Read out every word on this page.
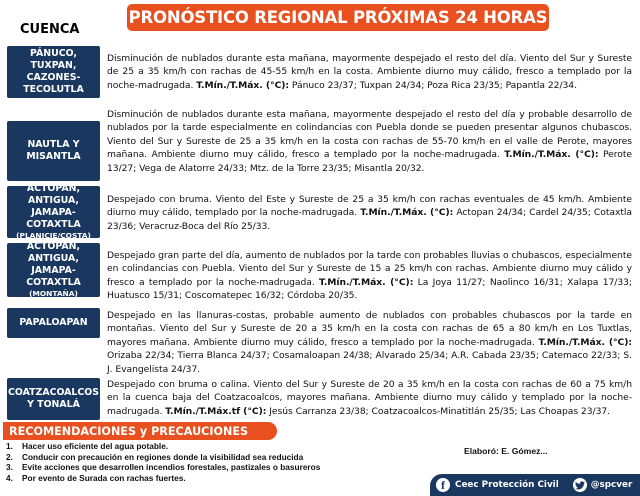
PRONÓSTICO REGIONAL PRÓXIMAS 24 HORAS
CUENCA
PÁNUCO, TUXPAN,
CAZONES-
TECOLUTLA
Disminución de nublados durante esta mañana, mayormente despejado el resto del día. Viento del Sur y Sureste de 25 a 35 km/h con rachas de 45-55 km/h en la costa. Ambiente diurno muy cálido, fresco a templado por la noche-madrugada. T.Mín./T.Máx. (°C): Pánuco 23/37; Tuxpan 24/34; Poza Rica 23/35; Papantla 22/34.
NAUTLA Y
MISANTLA
Disminución de nublados durante esta mañana, mayormente despejado el resto del día y probable desarrollo de nublados por la tarde especialmente en colindancias con Puebla donde se pueden presentar algunos chubascos. Viento del Sur y Sureste de 25 a 35 km/h en la costa con rachas de 55-70 km/h en el valle de Perote, mayores mañana. Ambiente diurno muy cálido, fresco a templado por la noche-madrugada. T.Mín./T.Máx. (°C): Perote 13/27; Vega de Alatorre 24/33; Mtz. de la Torre 23/35; Misantla 20/32.
ACTOPAN,
ANTIGUA, JAMAPA-
COTAXTLA
(PLANICIE/COSTA)
Despejado con bruma. Viento del Este y Sureste de 25 a 35 km/h con rachas eventuales de 45 km/h. Ambiente diurno muy cálido, templado por la noche-madrugada. T.Mín./T.Máx. (°C): Actopan 24/34; Cardel 24/35; Cotaxtla 23/36; Veracruz-Boca del Río 25/33.
ACTOPAN,
ANTIGUA, JAMAPA-
COTAXTLA
(MONTAÑA)
Despejado gran parte del día, aumento de nublados por la tarde con probables lluvias o chubascos, especialmente en colindancias con Puebla. Viento del Sur y Sureste de 15 a 25 km/h con rachas. Ambiente diurno muy cálido y fresco a templado por la noche-madrugada. T.Mín./T.Máx. (°C): La Joya 11/27; Naolinco 16/31; Xalapa 17/33; Huatusco 15/31; Coscomatepec 16/32; Córdoba 20/35.
PAPALOAPAN
Despejado en las llanuras-costas, probable aumento de nublados con probables chubascos por la tarde en montañas. Viento del Sur y Sureste de 20 a 35 km/h en la costa con rachas de 65 a 80 km/h en Los Tuxtlas, mayores mañana. Ambiente diurno muy cálido, fresco a templado por la noche-madrugada. T.Mín./T.Máx. (°C): Orizaba 22/34; Tierra Blanca 24/37; Cosamaloapan 24/38; Alvarado 25/34; A.R. Cabada 23/35; Catemaco 22/33; S. J. Evangelista 24/37.
COATZACOALCOS
Y TONALÁ
Despejado con bruma o calina. Viento del Sur y Sureste de 20 a 35 km/h en la costa con rachas de 60 a 75 km/h en la cuenca baja del Coatzacoalcos, mayores mañana. Ambiente diurno muy cálido y templado por la noche-madrugada. T.Mín./T.Máx.tf (°C): Jesús Carranza 23/38; Coatzacoalcos-Minatitlán 25/35; Las Choapas 23/37.
RECOMENDACIONES y PRECAUCIONES
1. Hacer uso eficiente del agua potable.
2. Conducir con precaución en regiones donde la visibilidad sea reducida
3. Evite acciones que desarrollen incendios forestales, pastizales o basureros
4. Por evento de Surada con rachas fuertes.
Elaboró: E. Gómez...
f	Ceec Protección Civil	@spcver
